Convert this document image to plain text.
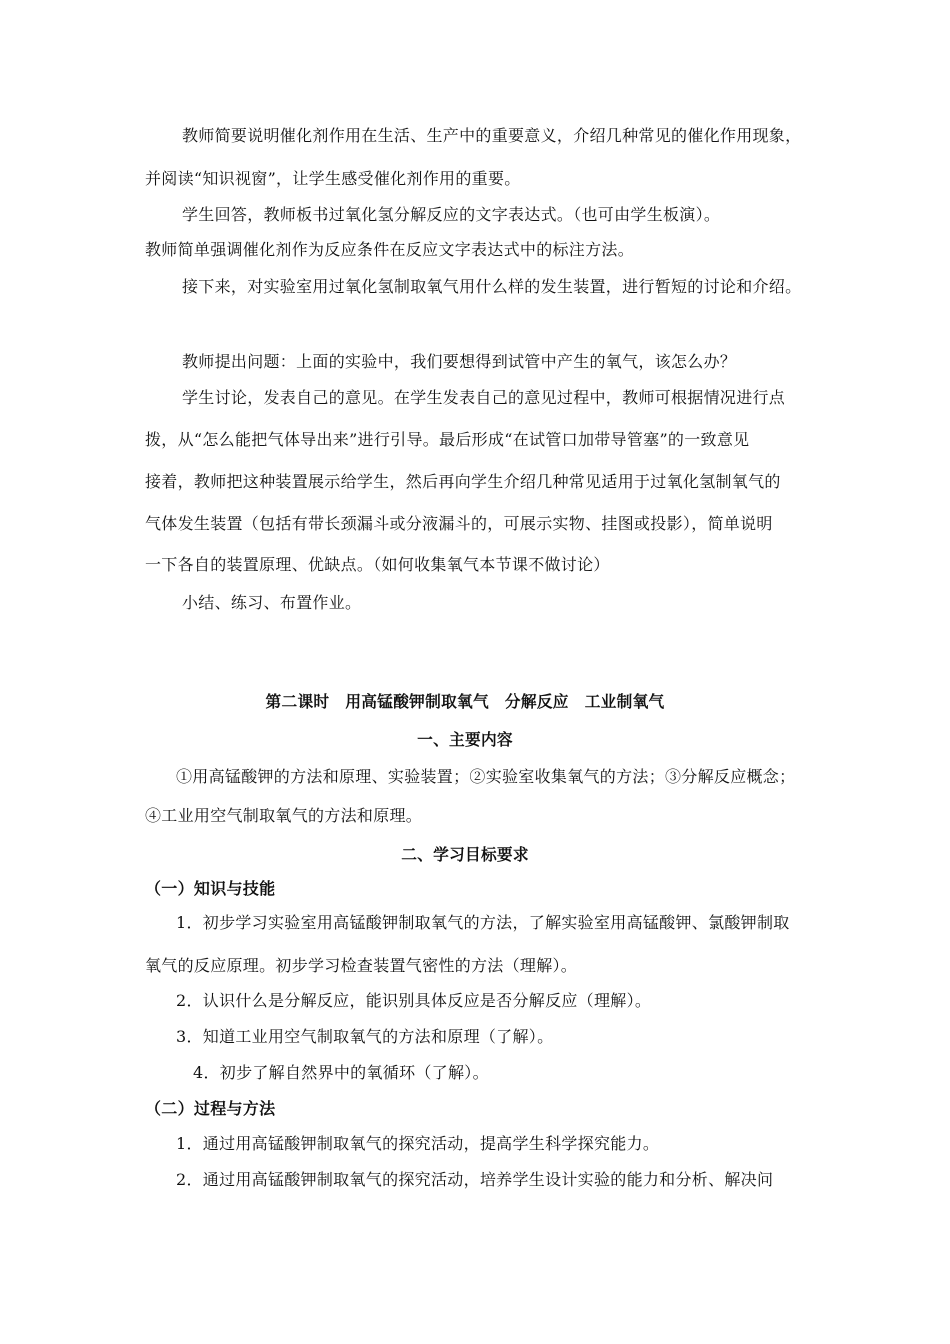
教师简要说明催化剂作用在生活、生产中的重要意义，介绍几种常见的催化作用现象，
并阅读“知识视窗”，让学生感受催化剂作用的重要。
学生回答，教师板书过氧化氢分解反应的文字表达式。（也可由学生板演）。
教师简单强调催化剂作为反应条件在反应文字表达式中的标注方法。
接下来，对实验室用过氧化氢制取氧气用什么样的发生装置，进行暂短的讨论和介绍。
教师提出问题：上面的实验中，我们要想得到试管中产生的氧气，该怎么办？
学生讨论，发表自己的意见。在学生发表自己的意见过程中，教师可根据情况进行点
拨，从“怎么能把气体导出来”进行引导。最后形成“在试管口加带导管塞”的一致意见
接着，教师把这种装置展示给学生，然后再向学生介绍几种常见适用于过氧化氢制氧气的
气体发生装置（包括有带长颈漏斗或分液漏斗的，可展示实物、挂图或投影），简单说明
一下各自的装置原理、优缺点。（如何收集氧气本节课不做讨论）
小结、练习、布置作业。
第二课时　用高锰酸钾制取氧气　分解反应　工业制氧气
一、主要内容
①用高锰酸钾的方法和原理、实验装置；②实验室收集氧气的方法；③分解反应概念；
④工业用空气制取氧气的方法和原理。
二、学习目标要求
（一）知识与技能
1．初步学习实验室用高锰酸钾制取氧气的方法，了解实验室用高锰酸钾、氯酸钾制取
氧气的反应原理。初步学习检查装置气密性的方法（理解）。
2．认识什么是分解反应，能识别具体反应是否分解反应（理解）。
3．知道工业用空气制取氧气的方法和原理（了解）。
4．初步了解自然界中的氧循环（了解）。
（二）过程与方法
1．通过用高锰酸钾制取氧气的探究活动，提高学生科学探究能力。
2．通过用高锰酸钾制取氧气的探究活动，培养学生设计实验的能力和分析、解决问
